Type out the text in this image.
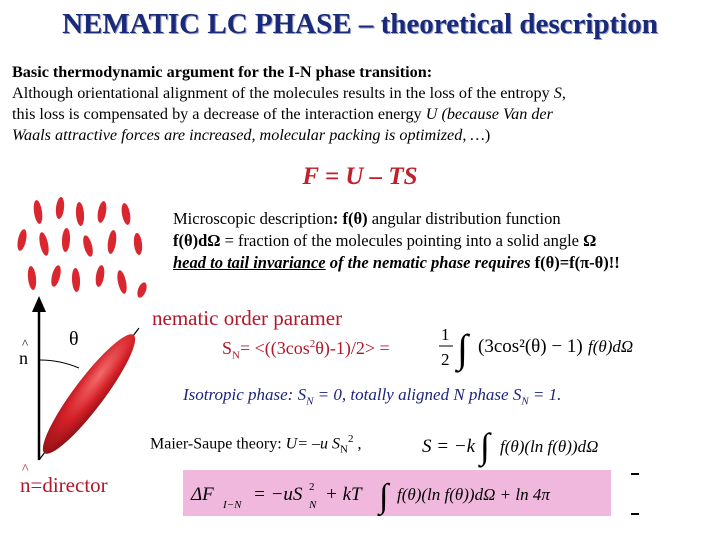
NEMATIC LC PHASE – theoretical description
Basic thermodynamic argument for the I-N phase transition:
Although orientational alignment of the molecules results in the loss of the entropy S,
this loss is compensated by a decrease of the interaction energy U (because Van der
Waals attractive forces are increased, molecular packing is optimized, …)
F = U – TS
Microscopic description: f(θ) angular distribution function
f(θ)dΩ = fraction of the molecules pointing into a solid angle Ω
head to tail invariance of the nematic phase requires f(θ)=f(π-θ)!!
θ
n
^
nematic order paramer
$S_N= <((3\cos^2\theta)-1)/2>$ =
1
2 ∫ (3cos²(θ) − 1) f(θ)dΩ
Isotropic phase: $S_N = 0$, totally aligned N phase $S_N = 1$.
Maier-Saupe theory: U= –u $S_N^2$ ,	S = −k ∫ f(θ)(ln f(θ))dΩ
n=director
^
ΔF I−N = −uS 2
N + kT ∫ f(θ)(ln f(θ))dΩ + ln 4π
